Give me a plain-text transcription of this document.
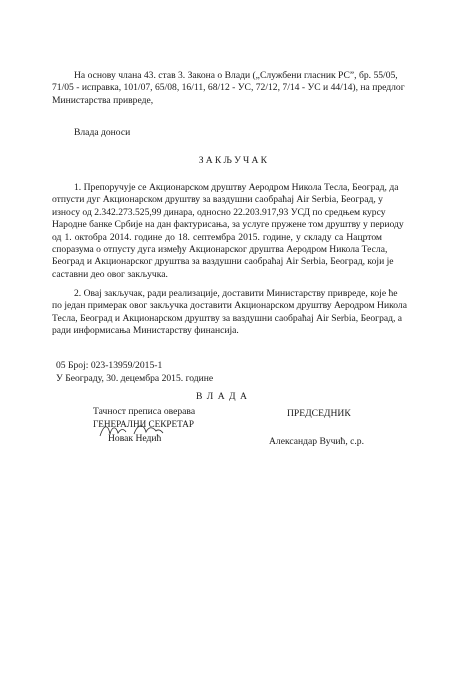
На основу члана 43. став 3. Закона о Влади („Службени гласник РС”, бр. 55/05,
71/05 - исправка, 101/07, 65/08, 16/11, 68/12 - УС, 72/12, 7/14 - УС и 44/14), на предлог
Министарства привреде,
Влада доноси
ЗАКЉУЧАК
1. Препоручује се Акционарском друштву Аеродром Никола Тесла, Београд, да
отпусти дуг Акционарском друштву за ваздушни саобраћај Air Serbia, Београд, у
износу од 2.342.273.525,99 динара, односно 22.203.917,93 УСД по средњем курсу
Народне банке Србије на дан фактурисања, за услуге пружене том друштву у периоду
од 1. октобра 2014. године до 18. септембра 2015. године, у складу са Нацртом
споразума о отпусту дуга између Акционарског друштва Аеродром Никола Тесла,
Београд и Акционарског друштва за ваздушни саобраћај Air Serbia, Београд, који је
саставни део овог закључка.
2. Овај закључак, ради реализације, доставити Министарству привреде, које ће
по један примерак овог закључка доставити Акционарском друштву Аеродром Никола
Тесла, Београд и Акционарском друштву за ваздушни саобраћај Air Serbia, Београд, а
ради информисања Министарству финансија.
05 Број: 023-13959/2015-1
У Београду, 30. децембра 2015. године
В Л А Д А
Тачност преписа оверава
ГЕНЕРАЛНИ СЕКРЕТАР
Новак Недић
ПРЕДСЕДНИК
Александар Вучић, с.р.
